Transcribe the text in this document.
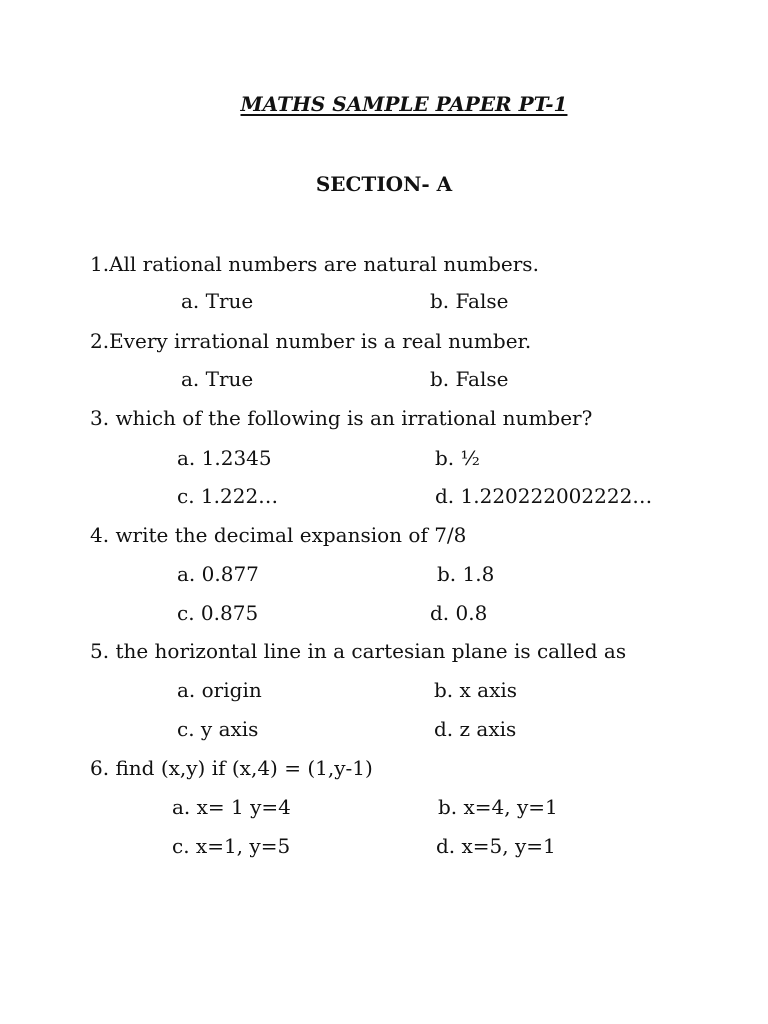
MATHS SAMPLE PAPER PT-1
SECTION- A
1.All rational numbers are natural numbers.
a. True	b. False
2.Every irrational number is a real number.
a. True	b. False
3. which of the following is an irrational number?
a. 1.2345	b. ½
c. 1.222…	d. 1.220222002222…
4. write the decimal expansion of 7/8
a. 0.877	b. 1.8
c. 0.875	d. 0.8
5. the horizontal line in a cartesian plane is called as
a. origin	b. x axis
c. y axis	d. z axis
6. find (x,y) if (x,4) = (1,y-1)
a. x= 1 y=4	b. x=4, y=1
c. x=1, y=5	d. x=5, y=1
